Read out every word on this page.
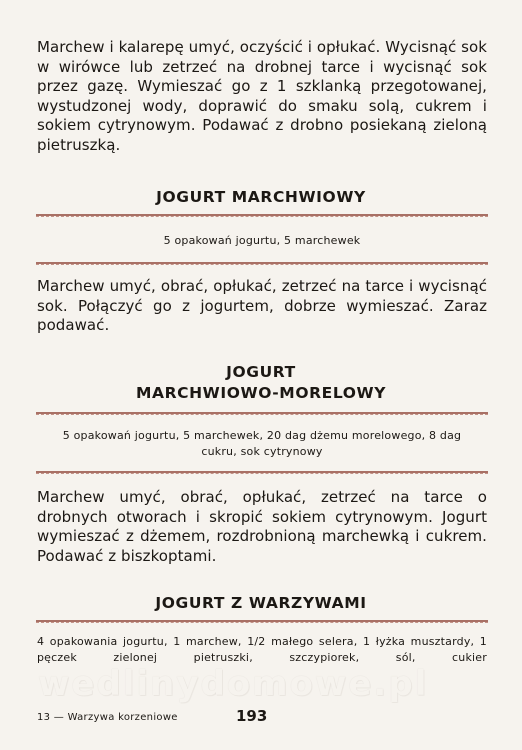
Marchew i kalarepę umyć, oczyścić i opłukać. Wycisnąć sok w wirówce lub zetrzeć na drobnej tarce i wycisnąć sok przez gazę. Wymieszać go z 1 szklanką przegotowanej, wystudzonej wody, doprawić do smaku solą, cukrem i sokiem cytrynowym. Podawać z drobno posiekaną zieloną pietruszką.

JOGURT MARCHWIOWY

5 opakowań jogurtu, 5 marchewek

Marchew umyć, obrać, opłukać, zetrzeć na tarce i wycisnąć sok. Połączyć go z jogurtem, dobrze wymieszać. Zaraz podawać.

JOGURT
MARCHWIOWO-MORELOWY

5 opakowań jogurtu, 5 marchewek, 20 dag dżemu morelowego, 8 dag

cukru, sok cytrynowy

Marchew umyć, obrać, opłukać, zetrzeć na tarce o drobnych otworach i skropić sokiem cytrynowym. Jogurt wymieszać z dżemem, rozdrobnioną marchewką i cukrem. Podawać z biszkoptami.

JOGURT Z WARZYWAMI

4 opakowania jogurtu, 1 marchew, 1/2 małego selera, 1 łyżka musztardy, 1 pęczek zielonej pietruszki, szczypiorek, sól, cukier

wedlinydomowe.pl
13 — Warzywa korzeniowe	193
